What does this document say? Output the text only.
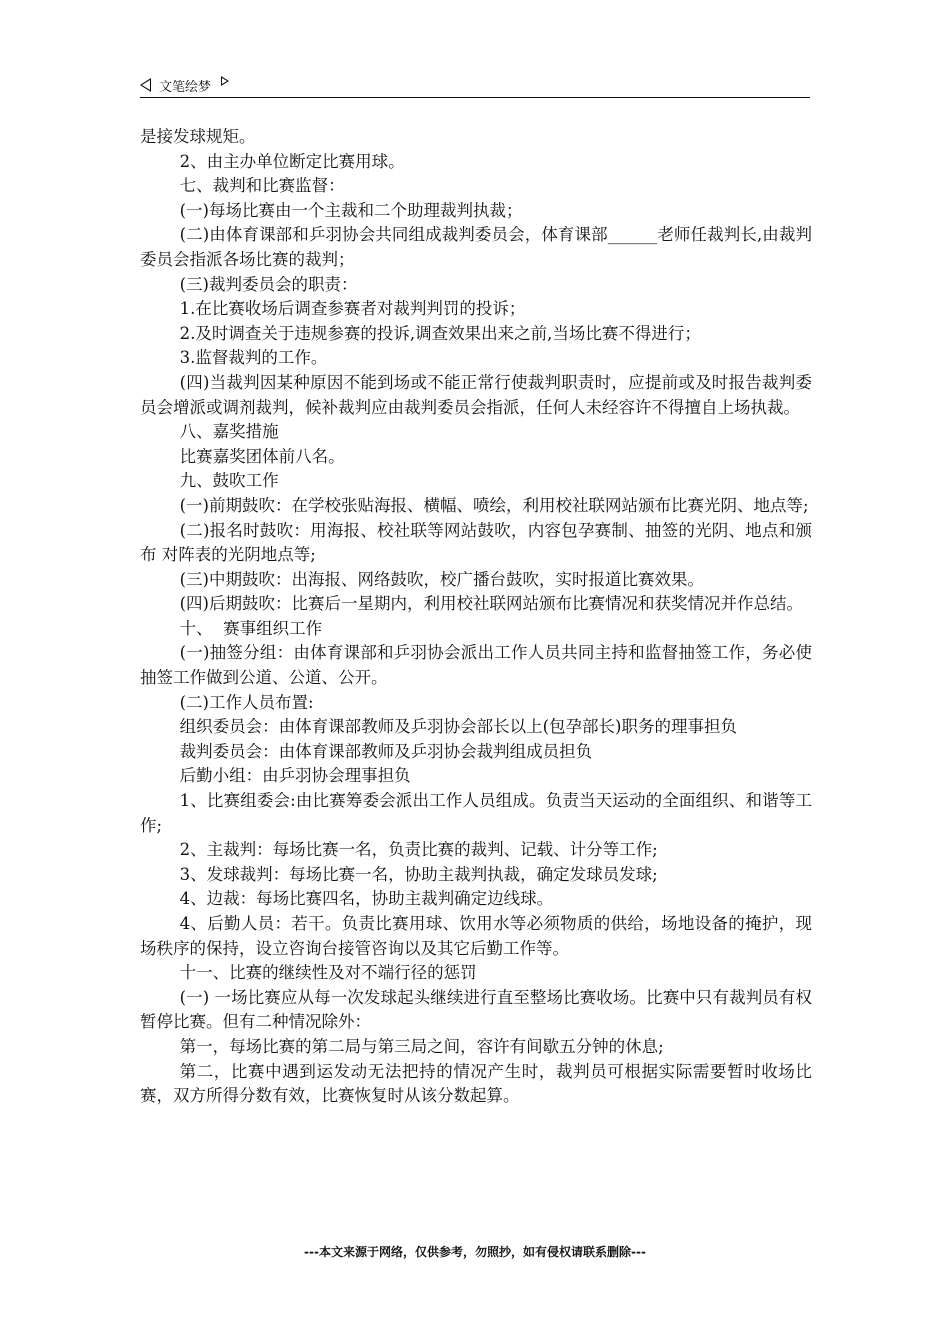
文笔绘梦

是接发球规矩。

2、由主办单位断定比赛用球。

七、裁判和比赛监督：

(一)每场比赛由一个主裁和二个助理裁判执裁；

(二)由体育课部和乒羽协会共同组成裁判委员会，体育课部______老师任裁判长,由裁判委员会指派各场比赛的裁判；

(三)裁判委员会的职责：

1.在比赛收场后调查参赛者对裁判判罚的投诉；

2.及时调查关于违规参赛的投诉,调查效果出来之前,当场比赛不得进行；

3.监督裁判的工作。

(四)当裁判因某种原因不能到场或不能正常行使裁判职责时，应提前或及时报告裁判委员会增派或调剂裁判，候补裁判应由裁判委员会指派，任何人未经容许不得擅自上场执裁。

八、嘉奖措施

比赛嘉奖团体前八名。

九、鼓吹工作

(一)前期鼓吹：在学校张贴海报、横幅、喷绘，利用校社联网站颁布比赛光阴、地点等;

(二)报名时鼓吹：用海报、校社联等网站鼓吹，内容包孕赛制、抽签的光阴、地点和颁布 对阵表的光阴地点等;

(三)中期鼓吹：出海报、网络鼓吹，校广播台鼓吹，实时报道比赛效果。

(四)后期鼓吹：比赛后一星期内，利用校社联网站颁布比赛情况和获奖情况并作总结。

十、  赛事组织工作

(一)抽签分组：由体育课部和乒羽协会派出工作人员共同主持和监督抽签工作，务必使 抽签工作做到公道、公道、公开。

(二)工作人员布置:

组织委员会：由体育课部教师及乒羽协会部长以上(包孕部长)职务的理事担负

裁判委员会：由体育课部教师及乒羽协会裁判组成员担负

后勤小组：由乒羽协会理事担负

1、比赛组委会:由比赛筹委会派出工作人员组成。负责当天运动的全面组织、和谐等工作;

2、主裁判：每场比赛一名，负责比赛的裁判、记载、计分等工作;

3、发球裁判：每场比赛一名，协助主裁判执裁，确定发球员发球;

4、边裁：每场比赛四名，协助主裁判确定边线球。

4、后勤人员：若干。负责比赛用球、饮用水等必须物质的供给，场地设备的掩护，现场秩序的保持，设立咨询台接管咨询以及其它后勤工作等。

十一、比赛的继续性及对不端行径的惩罚

(一) 一场比赛应从每一次发球起头继续进行直至整场比赛收场。比赛中只有裁判员有权暂停比赛。但有二种情况除外：

第一，每场比赛的第二局与第三局之间，容许有间歇五分钟的休息;

第二，比赛中遇到运发动无法把持的情况产生时，裁判员可根据实际需要暂时收场比赛，双方所得分数有效，比赛恢复时从该分数起算。

---本文来源于网络，仅供参考，勿照抄，如有侵权请联系删除---
